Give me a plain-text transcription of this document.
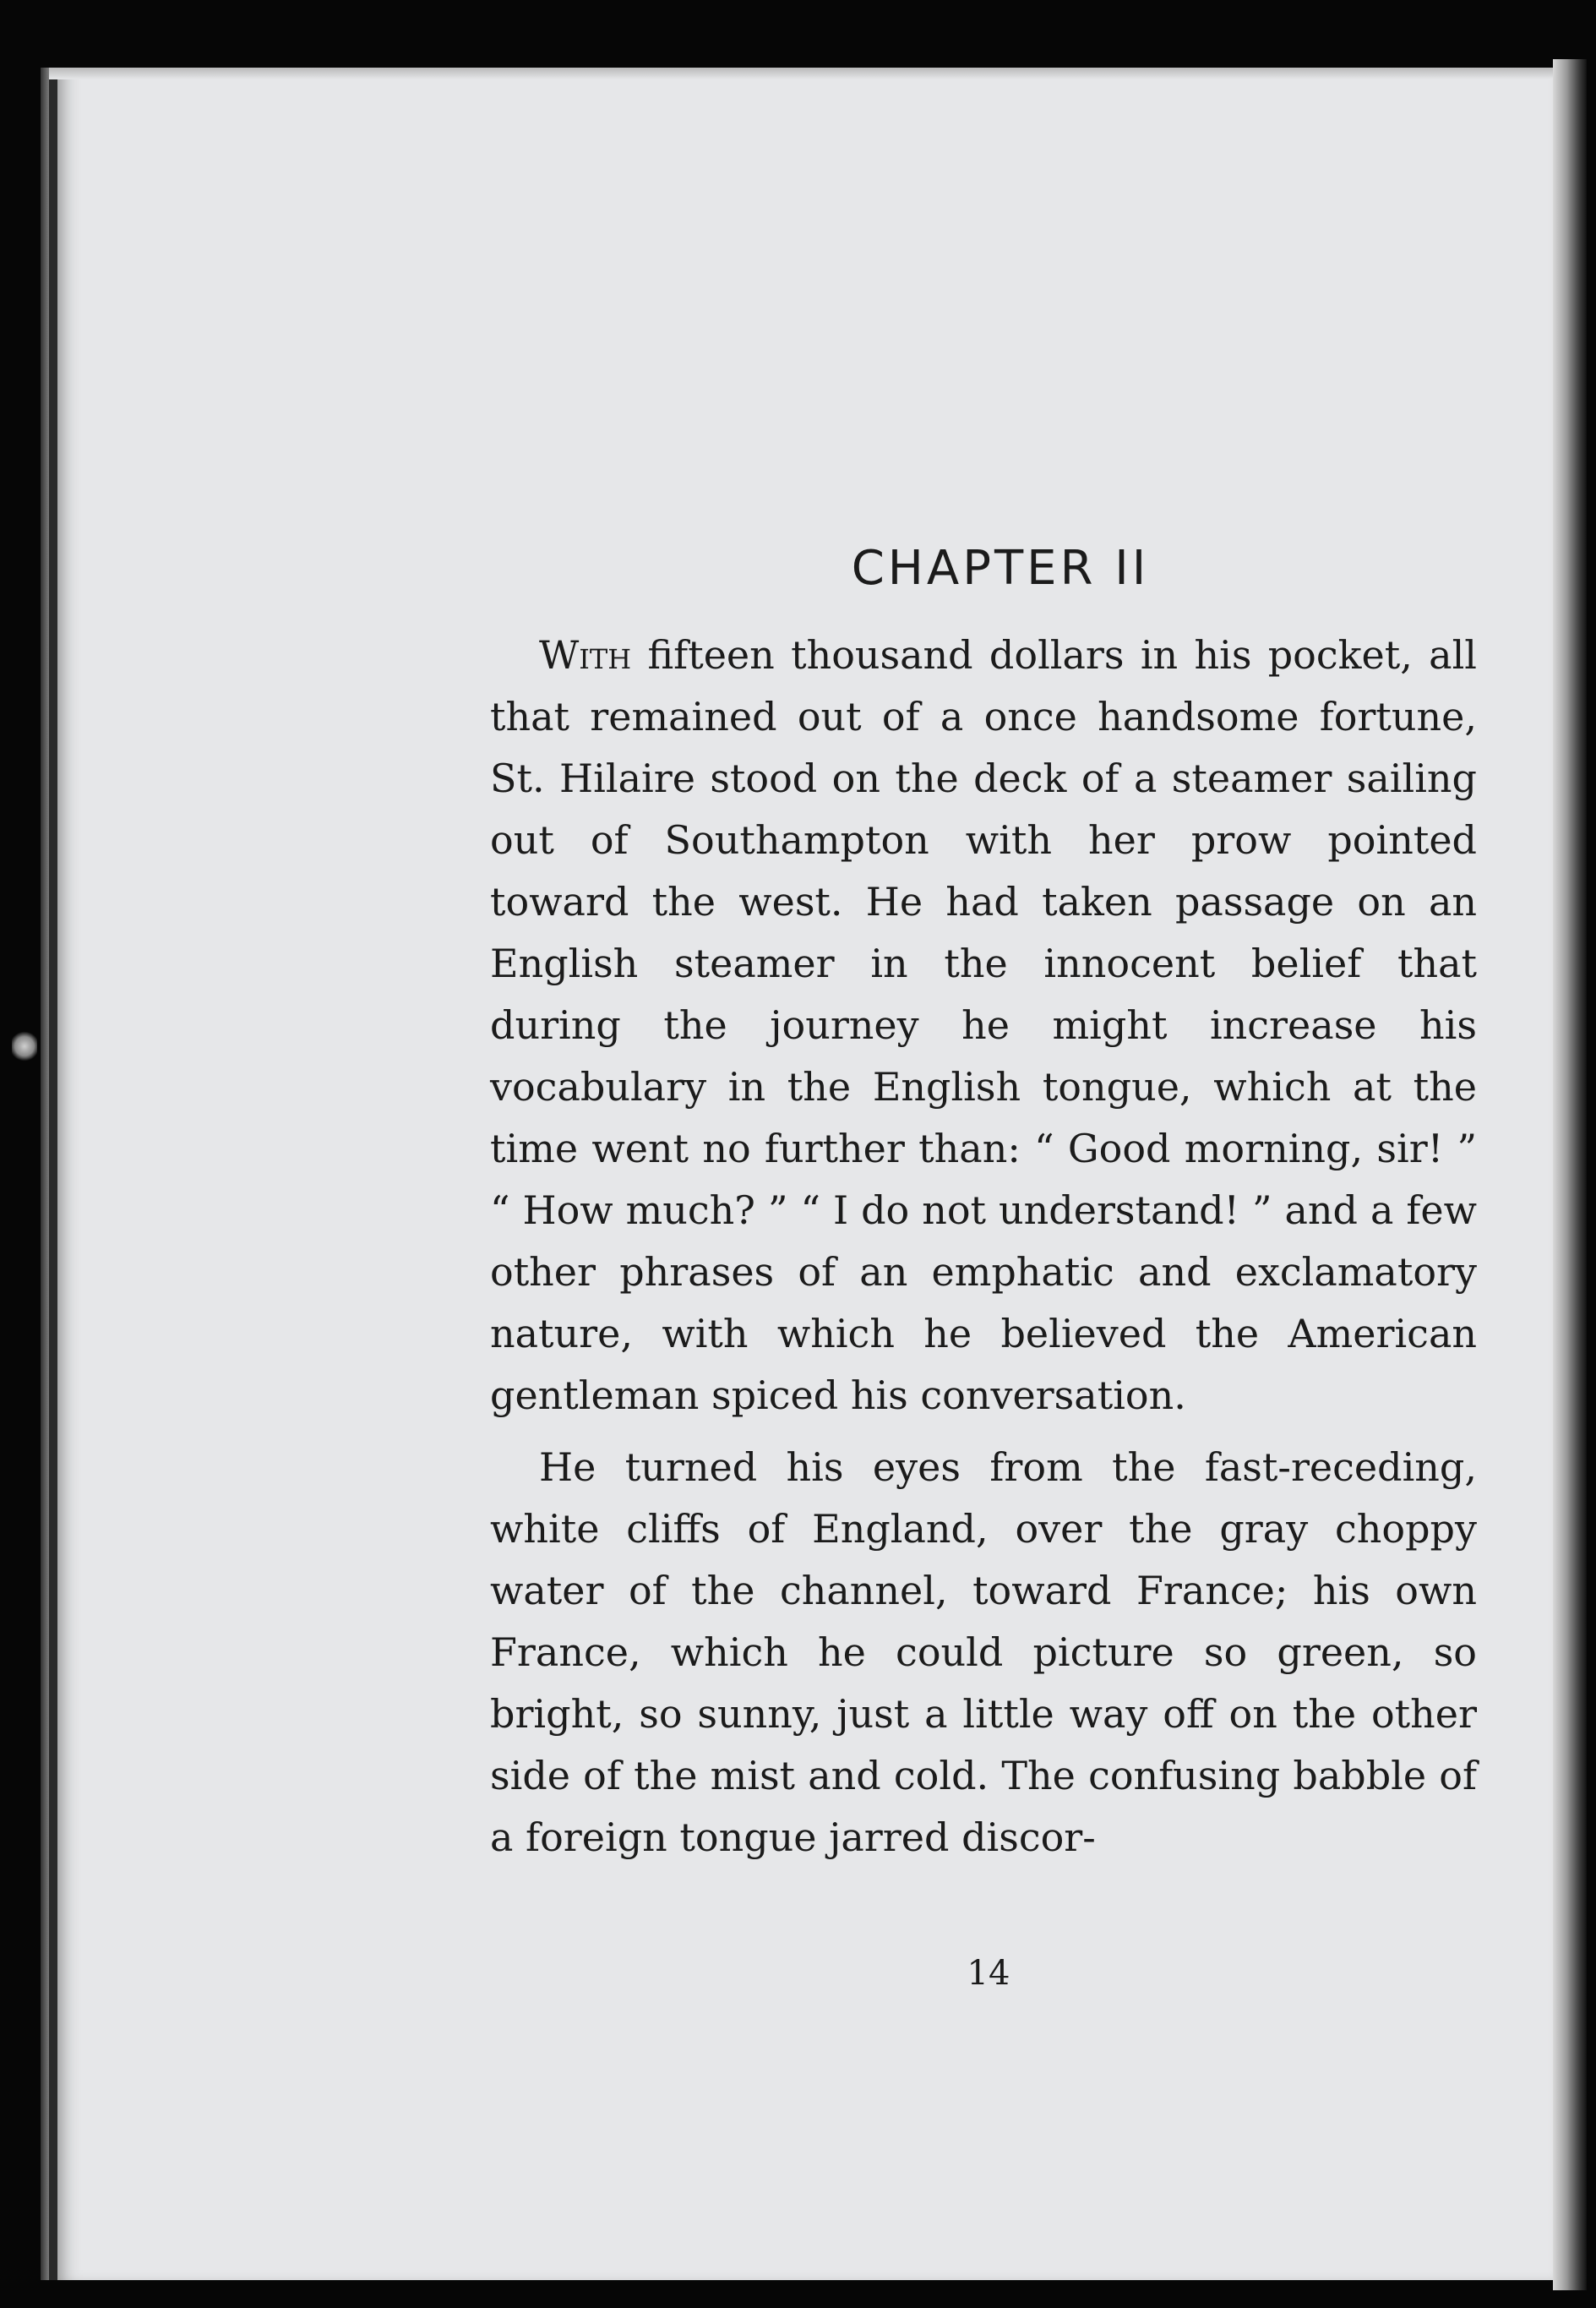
CHAPTER II

With fifteen thousand dollars in his pocket, all that remained out of a once handsome fortune, St. Hilaire stood on the deck of a steamer sailing out of Southampton with her prow pointed toward the west. He had taken passage on an English steamer in the innocent belief that during the journey he might increase his vocabulary in the English tongue, which at the time went no further than: “ Good morning, sir! ” “ How much? ” “ I do not understand! ” and a few other phrases of an emphatic and exclamatory nature, with which he believed the American gentleman spiced his conversation.

He turned his eyes from the fast-receding, white cliffs of England, over the gray choppy water of the channel, toward France; his own France, which he could picture so green, so bright, so sunny, just a little way off on the other side of the mist and cold. The confusing babble of a foreign tongue jarred discor-

14
